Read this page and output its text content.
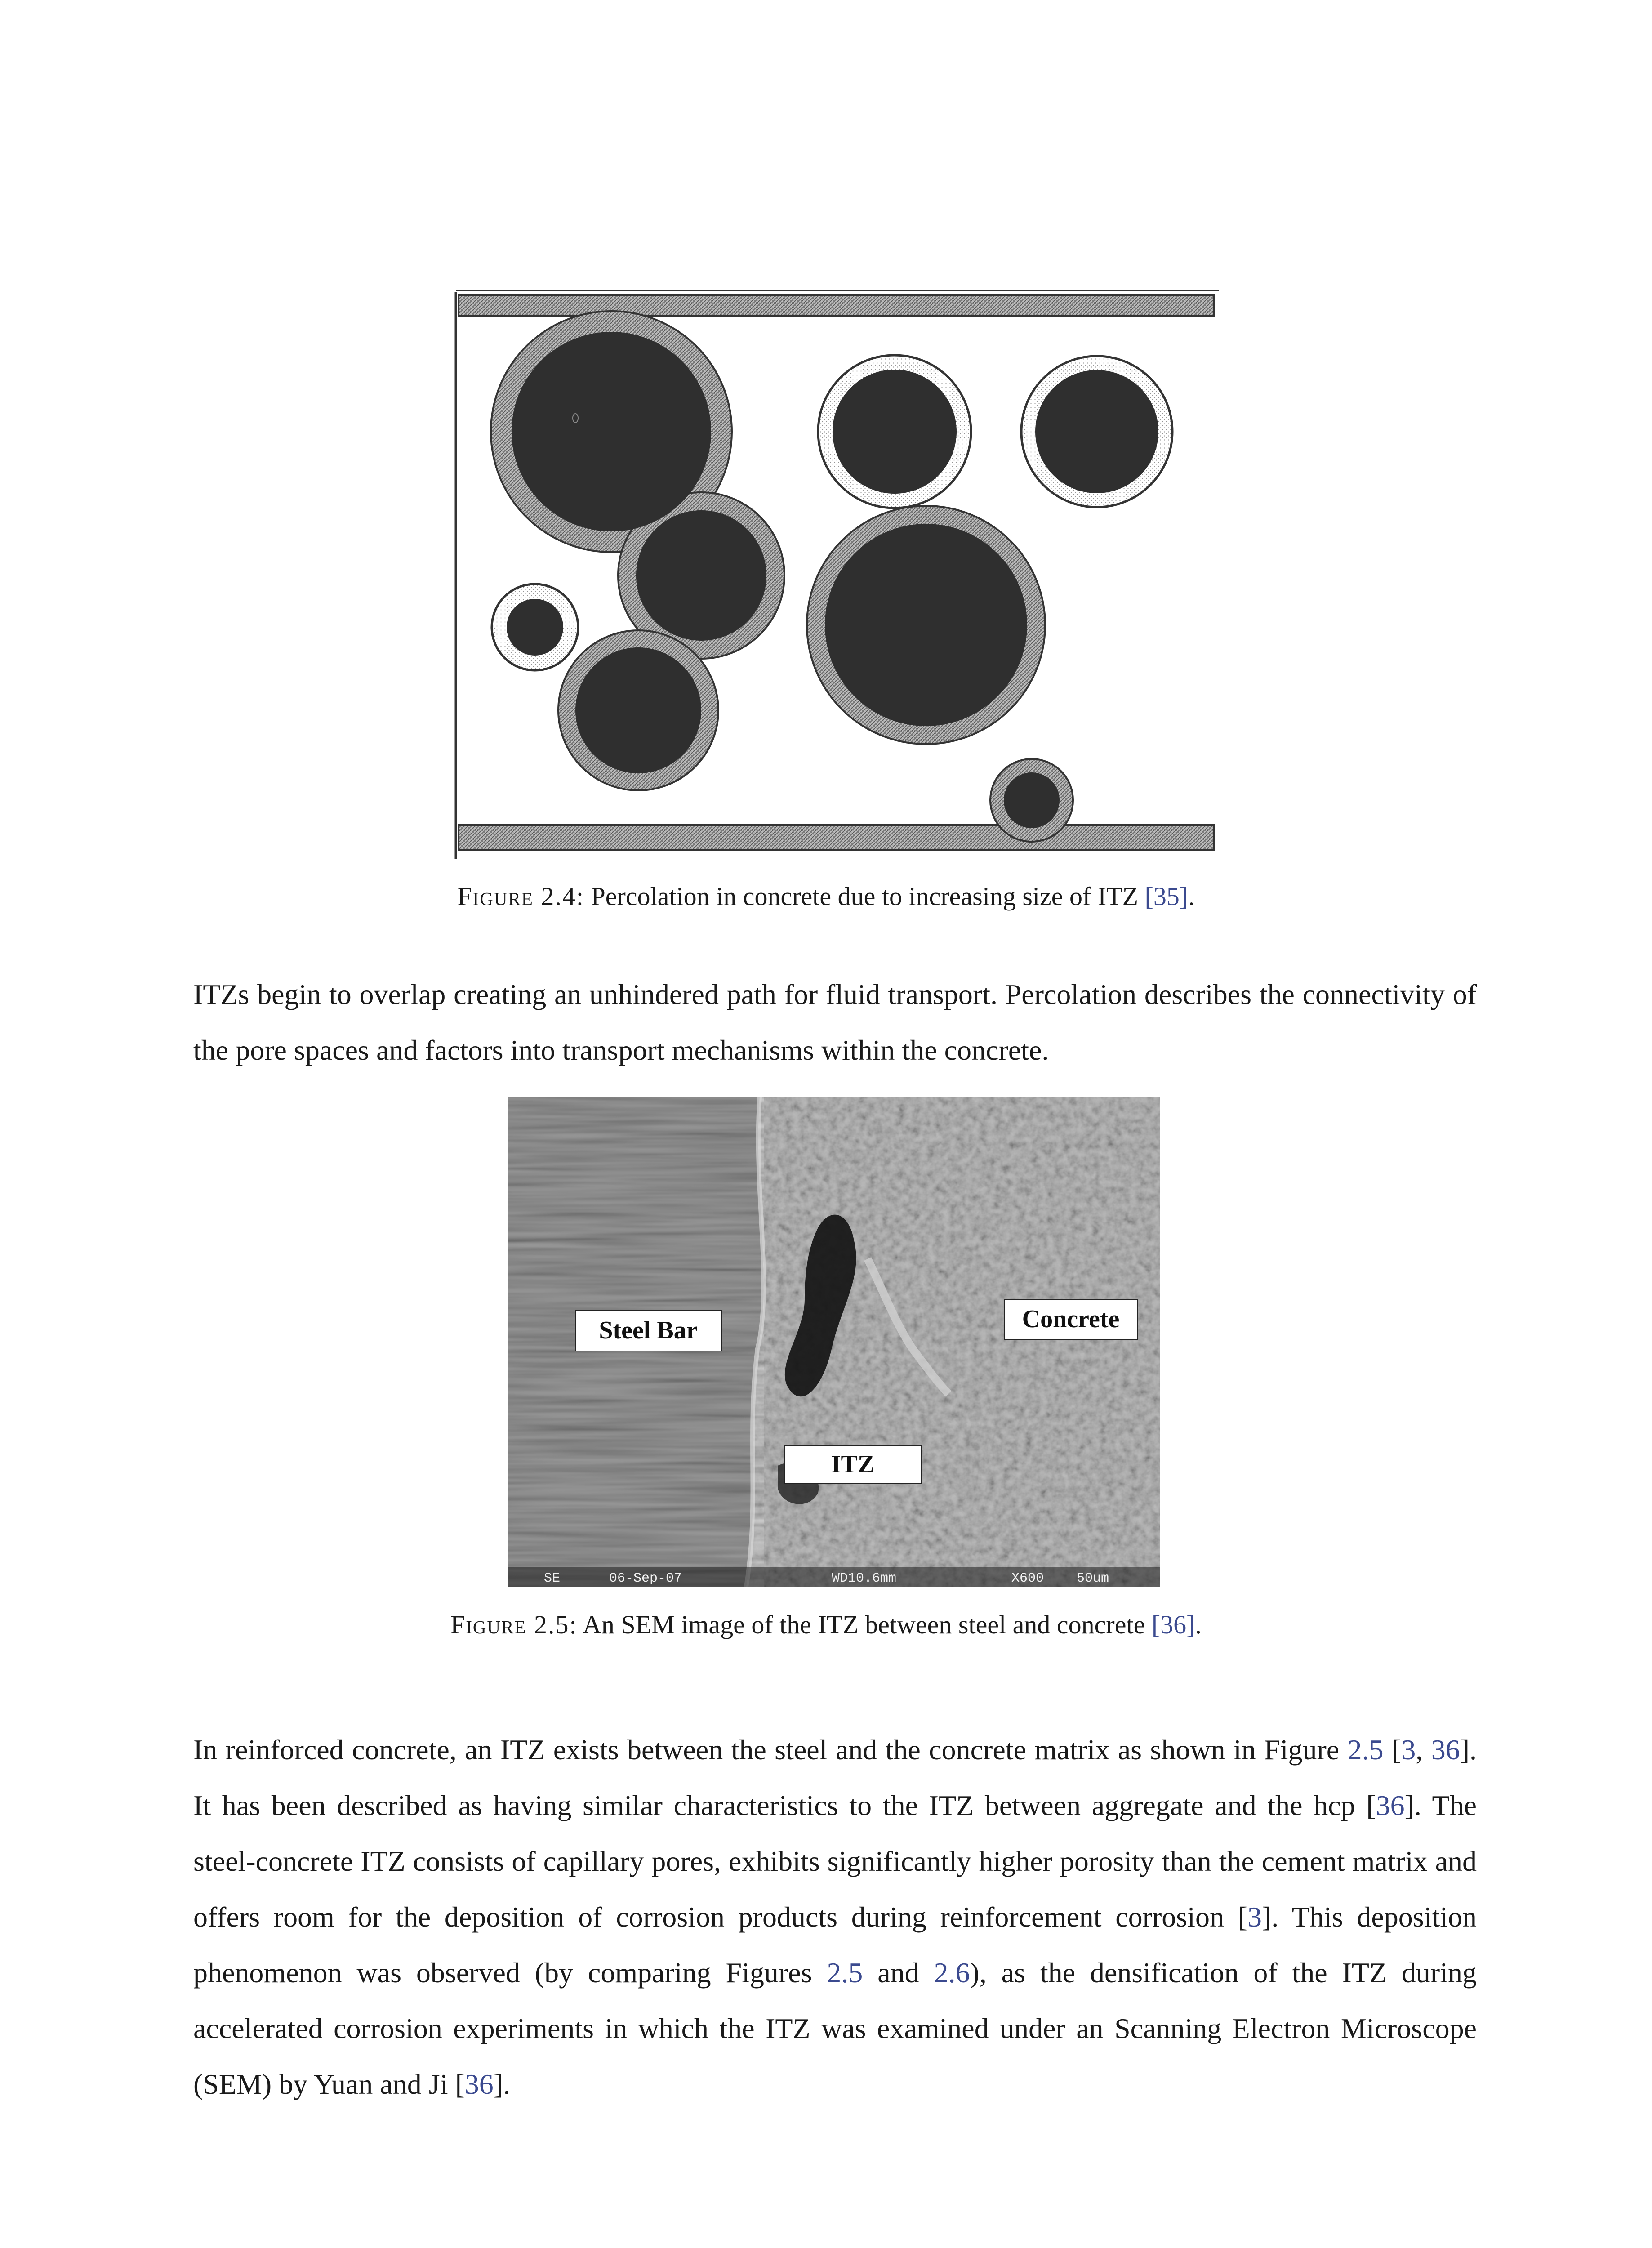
Figure 2.4: Percolation in concrete due to increasing size of ITZ [35].
ITZs begin to overlap creating an unhindered path for fluid transport. Percolation describes the connectivity of the pore spaces and factors into transport mechanisms within the concrete.
Steel Bar	Concrete
ITZ
SE	06-Sep-07	WD10.6mm	X600 50um
Figure 2.5: An SEM image of the ITZ between steel and concrete [36].
In reinforced concrete, an ITZ exists between the steel and the concrete matrix as shown in Figure 2.5 [3, 36]. It has been described as having similar characteristics to the ITZ between aggregate and the hcp [36]. The steel-concrete ITZ consists of capillary pores, exhibits significantly higher porosity than the cement matrix and offers room for the deposition of corrosion products during reinforcement corrosion [3]. This deposition phenomenon was observed (by comparing Figures 2.5 and 2.6), as the densification of the ITZ during accelerated corrosion experiments in which the ITZ was examined under an Scanning Electron Microscope (SEM) by Yuan and Ji [36].
